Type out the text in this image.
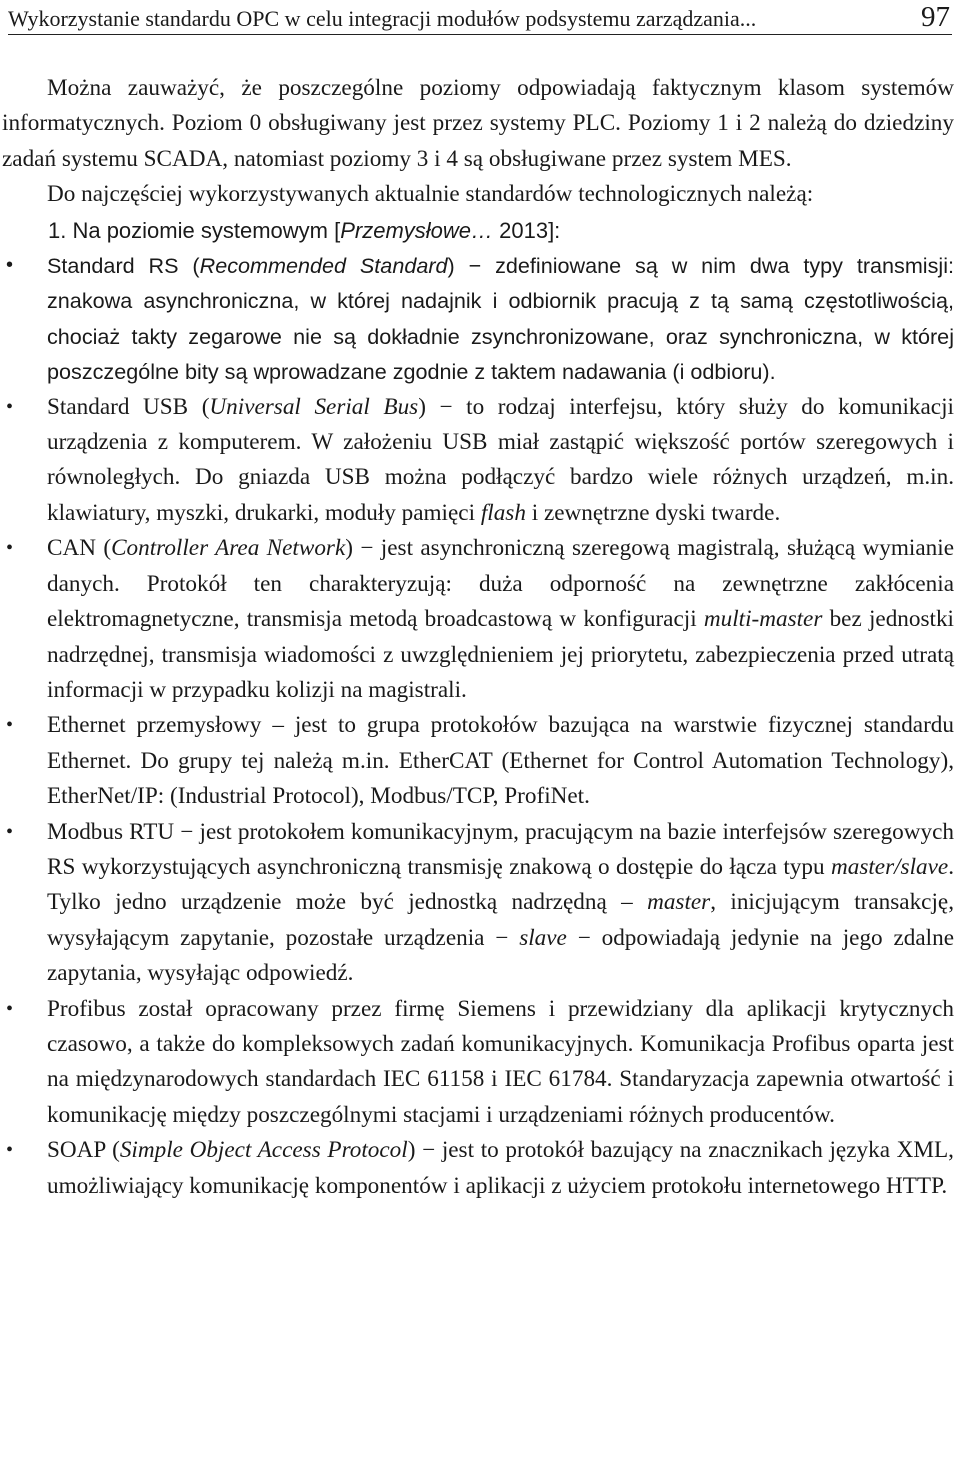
Wykorzystanie standardu OPC w celu integracji modułów podsystemu zarządzania...	97

Można zauważyć, że poszczególne poziomy odpowiadają faktycznym klasom systemów informatycznych. Poziom 0 obsługiwany jest przez systemy PLC. Poziomy 1 i 2 należą do dziedziny zadań systemu SCADA, natomiast poziomy 3 i 4 są obsługiwane przez system MES.

Do najczęściej wykorzystywanych aktualnie standardów technologicznych należą:

1. Na poziomie systemowym [Przemysłowe… 2013]:

• Standard RS (Recommended Standard) − zdefiniowane są w nim dwa typy transmisji: znakowa asynchroniczna, w której nadajnik i odbiornik pracują z tą samą częstotliwością, chociaż takty zegarowe nie są dokładnie zsynchronizowane, oraz synchroniczna, w której poszczególne bity są wprowadzane zgodnie z taktem nadawania (i odbioru).
• Standard USB (Universal Serial Bus) − to rodzaj interfejsu, który służy do komunikacji urządzenia z komputerem. W założeniu USB miał zastąpić większość portów szeregowych i równoległych. Do gniazda USB można podłączyć bardzo wiele różnych urządzeń, m.in. klawiatury, myszki, drukarki, moduły pamięci flash i zewnętrzne dyski twarde.
• CAN (Controller Area Network) − jest asynchroniczną szeregową magistralą, służącą wymianie danych. Protokół ten charakteryzują: duża odporność na zewnętrzne zakłócenia elektromagnetyczne, transmisja metodą broadcastową w konfiguracji multi-master bez jednostki nadrzędnej, transmisja wiadomości z uwzględnieniem jej priorytetu, zabezpieczenia przed utratą informacji w przypadku kolizji na magistrali.
• Ethernet przemysłowy – jest to grupa protokołów bazująca na warstwie fizycznej standardu Ethernet. Do grupy tej należą m.in. EtherCAT (Ethernet for Control Automation Technology), EtherNet/IP: (Industrial Protocol), Modbus/TCP, ProfiNet.
• Modbus RTU − jest protokołem komunikacyjnym, pracującym na bazie interfejsów szeregowych RS wykorzystujących asynchroniczną transmisję znakową o dostępie do łącza typu master/slave. Tylko jedno urządzenie może być jednostką nadrzędną – master, inicjującym transakcję, wysyłającym zapytanie, pozostałe urządzenia − slave − odpowiadają jedynie na jego zdalne zapytania, wysyłając odpowiedź.
• Profibus został opracowany przez firmę Siemens i przewidziany dla aplikacji krytycznych czasowo, a także do kompleksowych zadań komunikacyjnych. Komunikacja Profibus oparta jest na międzynarodowych standardach IEC 61158 i IEC 61784. Standaryzacja zapewnia otwartość i komunikację między poszczególnymi stacjami i urządzeniami różnych producentów.
• SOAP (Simple Object Access Protocol) − jest to protokół bazujący na znacznikach języka XML, umożliwiający komunikację komponentów i aplikacji z użyciem protokołu internetowego HTTP.
